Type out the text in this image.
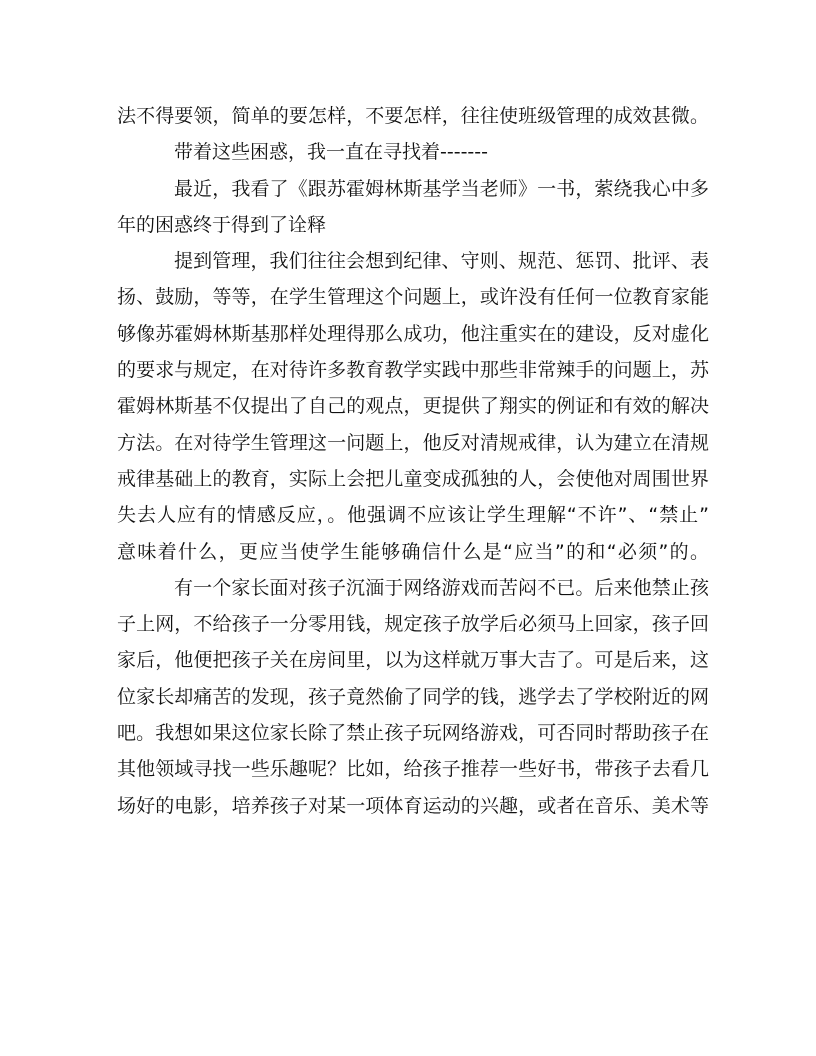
法不得要领，简单的要怎样，不要怎样，往往使班级管理的成效甚微。
带着这些困惑，我一直在寻找着-------
最近，我看了《跟苏霍姆林斯基学当老师》一书，萦绕我心中多
年的困惑终于得到了诠释
提到管理，我们往往会想到纪律、守则、规范、惩罚、批评、表
扬、鼓励，等等，在学生管理这个问题上，或许没有任何一位教育家能
够像苏霍姆林斯基那样处理得那么成功，他注重实在的建设，反对虚化
的要求与规定，在对待许多教育教学实践中那些非常辣手的问题上，苏
霍姆林斯基不仅提出了自己的观点，更提供了翔实的例证和有效的解决
方法。在对待学生管理这一问题上，他反对清规戒律，认为建立在清规
戒律基础上的教育，实际上会把儿童变成孤独的人，会使他对周围世界
失去人应有的情感反应，。他强调不应该让学生理解“不许”、“禁止”
意味着什么，更应当使学生能够确信什么是“应当”的和“必须”的。
有一个家长面对孩子沉湎于网络游戏而苦闷不已。后来他禁止孩
子上网，不给孩子一分零用钱，规定孩子放学后必须马上回家，孩子回
家后，他便把孩子关在房间里，以为这样就万事大吉了。可是后来，这
位家长却痛苦的发现，孩子竟然偷了同学的钱，逃学去了学校附近的网
吧。我想如果这位家长除了禁止孩子玩网络游戏，可否同时帮助孩子在
其他领域寻找一些乐趣呢？比如，给孩子推荐一些好书，带孩子去看几
场好的电影，培养孩子对某一项体育运动的兴趣，或者在音乐、美术等
